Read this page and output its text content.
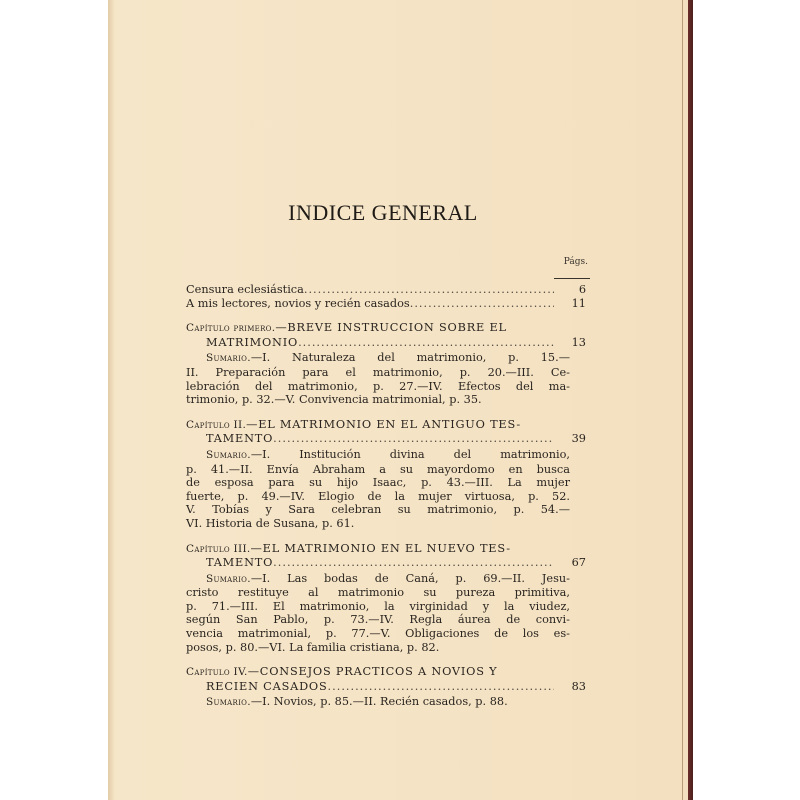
INDICE GENERAL
Págs.
Censura eclesiástica .....	6
A mis lectores, novios y recién casados .....	11
Capítulo primero.—BREVE INSTRUCCION SOBRE EL
MATRIMONIO .....	13
Sumario.—I. Naturaleza del matrimonio, p. 15.—
II. Preparación para el matrimonio, p. 20.—III. Ce-
lebración del matrimonio, p. 27.—IV. Efectos del ma-
trimonio, p. 32.—V. Convivencia matrimonial, p. 35.
Capítulo II.—EL MATRIMONIO EN EL ANTIGUO TES-
TAMENTO .....	39
Sumario.—I. Institución divina del matrimonio,
p. 41.—II. Envía Abraham a su mayordomo en busca
de esposa para su hijo Isaac, p. 43.—III. La mujer
fuerte, p. 49.—IV. Elogio de la mujer virtuosa, p. 52.
V. Tobías y Sara celebran su matrimonio, p. 54.—
VI. Historia de Susana, p. 61.
Capítulo III.—EL MATRIMONIO EN EL NUEVO TES-
TAMENTO .....	67
Sumario.—I. Las bodas de Caná, p. 69.—II. Jesu-
cristo restituye al matrimonio su pureza primitiva,
p. 71.—III. El matrimonio, la virginidad y la viudez,
según San Pablo, p. 73.—IV. Regla áurea de convi-
vencia matrimonial, p. 77.—V. Obligaciones de los es-
posos, p. 80.—VI. La familia cristiana, p. 82.
Capítulo IV.—CONSEJOS PRACTICOS A NOVIOS Y
RECIEN CASADOS .....	83
Sumario.—I. Novios, p. 85.—II. Recién casados, p. 88.
